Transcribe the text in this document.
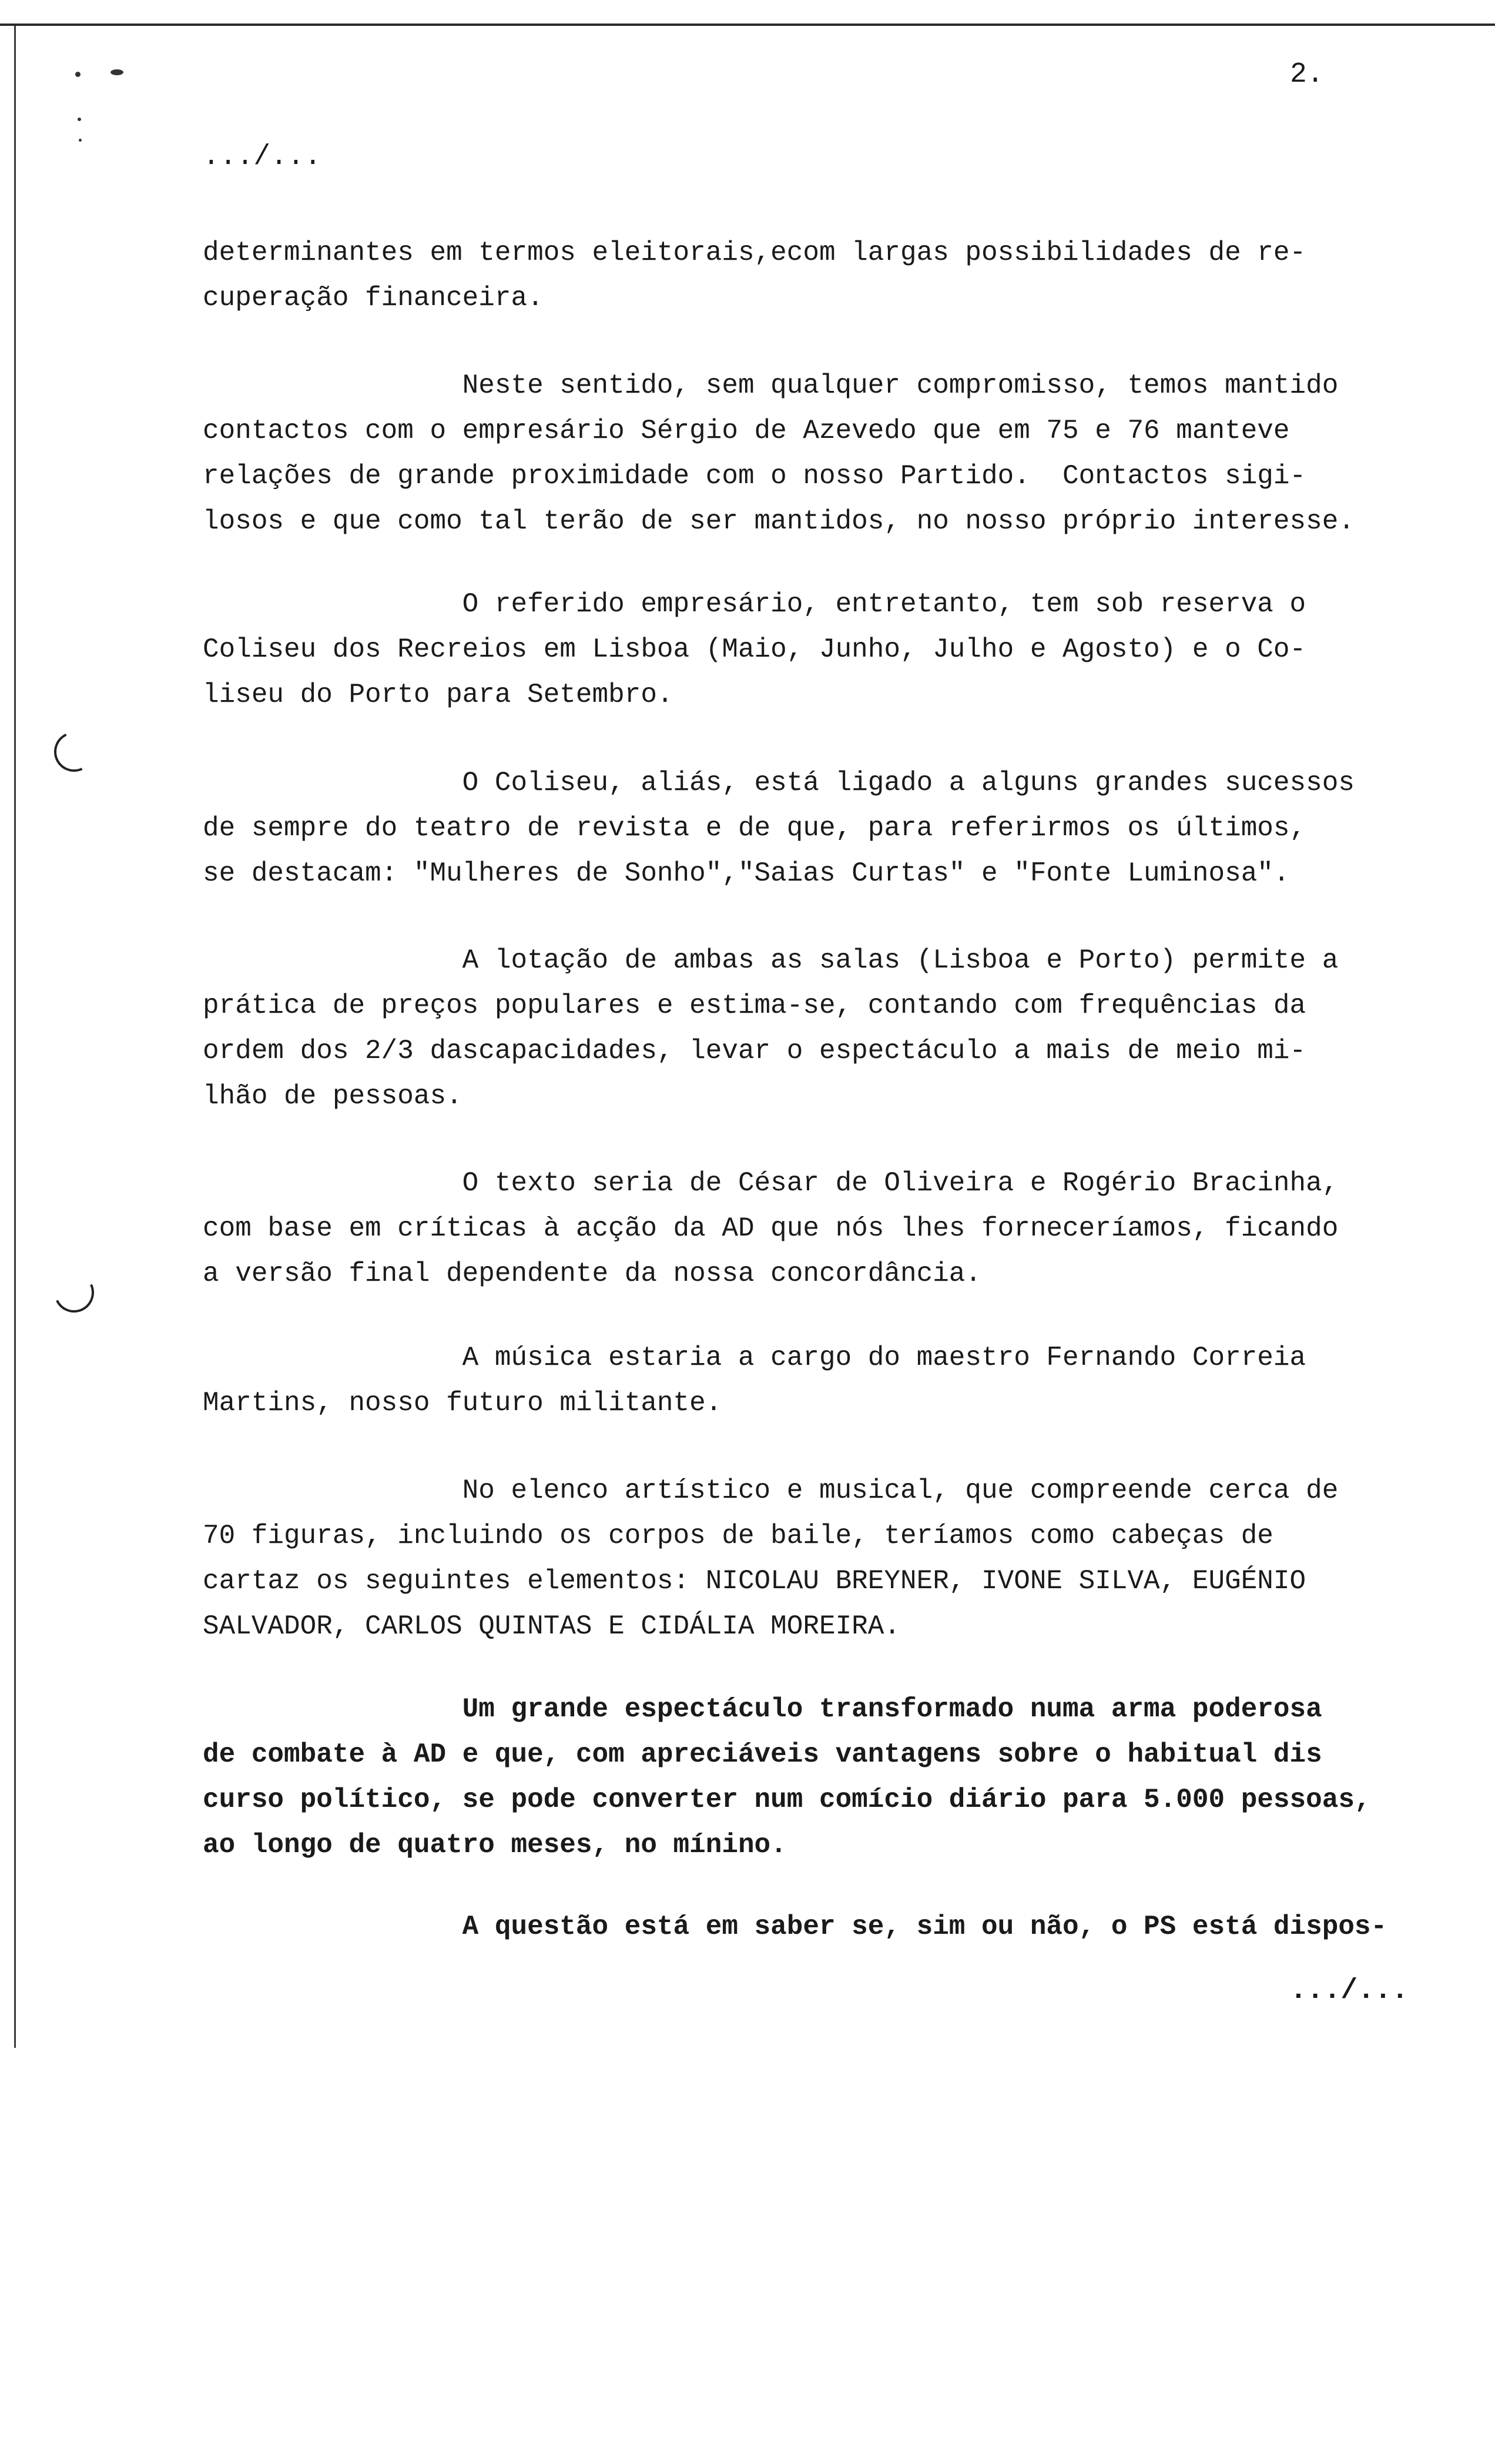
2.
.../...

determinantes em termos eleitorais,ecom largas possibilidades de re-
cuperação financeira.

Neste sentido, sem qualquer compromisso, temos mantido
contactos com o empresário Sérgio de Azevedo que em 75 e 76 manteve
relações de grande proximidade com o nosso Partido.  Contactos sigi-
losos e que como tal terão de ser mantidos, no nosso próprio interesse.

O referido empresário, entretanto, tem sob reserva o
Coliseu dos Recreios em Lisboa (Maio, Junho, Julho e Agosto) e o Co-
liseu do Porto para Setembro.

O Coliseu, aliás, está ligado a alguns grandes sucessos
de sempre do teatro de revista e de que, para referirmos os últimos,
se destacam: "Mulheres de Sonho","Saias Curtas" e "Fonte Luminosa".

A lotação de ambas as salas (Lisboa e Porto) permite a
prática de preços populares e estima-se, contando com frequências da
ordem dos 2/3 dascapacidades, levar o espectáculo a mais de meio mi-
lhão de pessoas.

O texto seria de César de Oliveira e Rogério Bracinha,
com base em críticas à acção da AD que nós lhes forneceríamos, ficando
a versão final dependente da nossa concordância.

A música estaria a cargo do maestro Fernando Correia
Martins, nosso futuro militante.

No elenco artístico e musical, que compreende cerca de
70 figuras, incluindo os corpos de baile, teríamos como cabeças de
cartaz os seguintes elementos: NICOLAU BREYNER, IVONE SILVA, EUGÉNIO
SALVADOR, CARLOS QUINTAS E CIDÁLIA MOREIRA.

Um grande espectáculo transformado numa arma poderosa
de combate à AD e que, com apreciáveis vantagens sobre o habitual dis
curso político, se pode converter num comício diário para 5.000 pessoas,
ao longo de quatro meses, no mínino.

A questão está em saber se, sim ou não, o PS está dispos-

.../...
